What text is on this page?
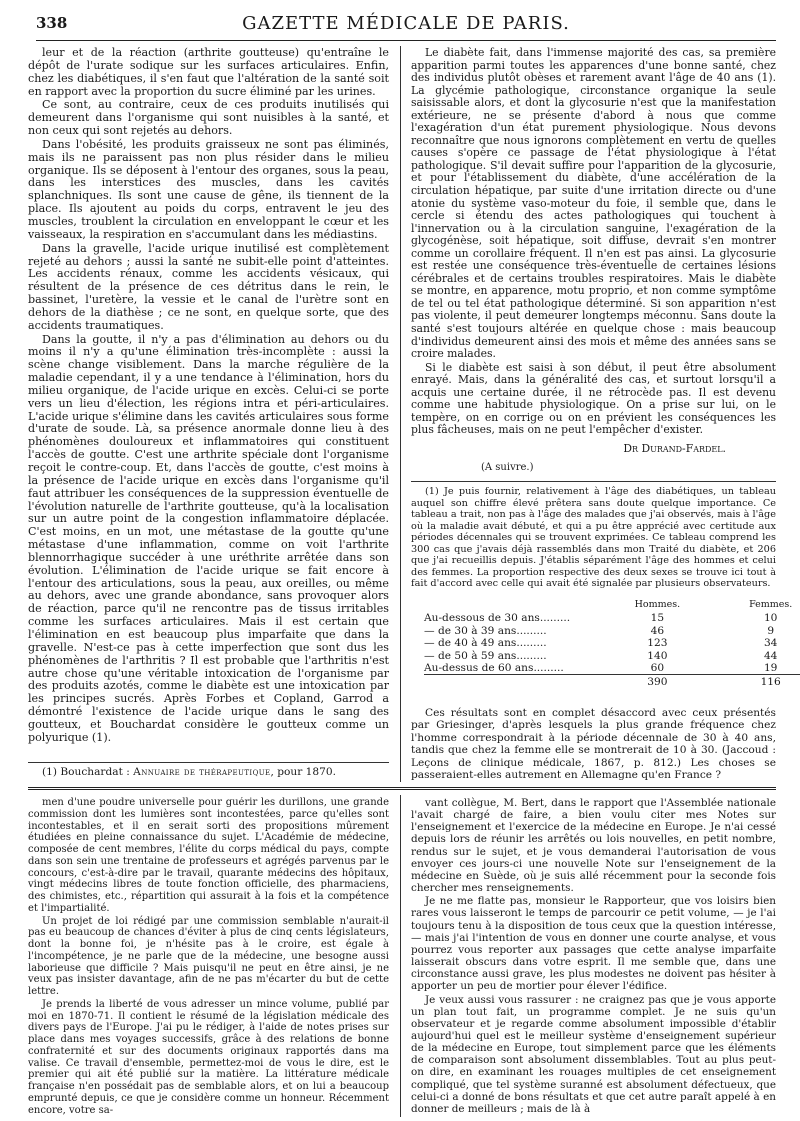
338	GAZETTE MÉDICALE DE PARIS.

leur et de la réaction (arthrite goutteuse) qu'entraîne le dépôt de l'urate sodique sur les surfaces articulaires. Enfin, chez les diabétiques, il s'en faut que l'altération de la santé soit en rapport avec la proportion du sucre éliminé par les urines.

Ce sont, au contraire, ceux de ces produits inutilisés qui demeurent dans l'organisme qui sont nuisibles à la santé, et non ceux qui sont rejetés au dehors.

Dans l'obésité, les produits graisseux ne sont pas éliminés, mais ils ne paraissent pas non plus résider dans le milieu organique. Ils se déposent à l'entour des organes, sous la peau, dans les interstices des muscles, dans les cavités splanchniques. Ils sont une cause de gêne, ils tiennent de la place. Ils ajoutent au poids du corps, entravent le jeu des muscles, troublent la circulation en enveloppant le cœur et les vaisseaux, la respiration en s'accumulant dans les médiastins.

Dans la gravelle, l'acide urique inutilisé est complètement rejeté au dehors ; aussi la santé ne subit-elle point d'atteintes. Les accidents rénaux, comme les accidents vésicaux, qui résultent de la présence de ces détritus dans le rein, le bassinet, l'uretère, la vessie et le canal de l'urètre sont en dehors de la diathèse ; ce ne sont, en quelque sorte, que des accidents traumatiques.

Dans la goutte, il n'y a pas d'élimination au dehors ou du moins il n'y a qu'une élimination très-incomplète : aussi la scène change visiblement. Dans la marche régulière de la maladie cependant, il y a une tendance à l'élimination, hors du milieu organique, de l'acide urique en excès. Celui-ci se porte vers un lieu d'élection, les régions intra et péri-articulaires. L'acide urique s'élimine dans les cavités articulaires sous forme d'urate de soude. Là, sa présence anormale donne lieu à des phénomènes douloureux et inflammatoires qui constituent l'accès de goutte. C'est une arthrite spéciale dont l'organisme reçoit le contre-coup. Et, dans l'accès de goutte, c'est moins à la présence de l'acide urique en excès dans l'organisme qu'il faut attribuer les conséquences de la suppression éventuelle de l'évolution naturelle de l'arthrite goutteuse, qu'à la localisation sur un autre point de la congestion inflammatoire déplacée. C'est moins, en un mot, une métastase de la goutte qu'une métastase d'une inflammation, comme on voit l'arthrite blennorrhagique succéder à une uréthrite arrêtée dans son évolution. L'élimination de l'acide urique se fait encore à l'entour des articulations, sous la peau, aux oreilles, ou même au dehors, avec une grande abondance, sans provoquer alors de réaction, parce qu'il ne rencontre pas de tissus irritables comme les surfaces articulaires. Mais il est certain que l'élimination en est beaucoup plus imparfaite que dans la gravelle. N'est-ce pas à cette imperfection que sont dus les phénomènes de l'arthritis ? Il est probable que l'arthritis n'est autre chose qu'une véritable intoxication de l'organisme par des produits azotés, comme le diabète est une intoxication par les principes sucrés. Après Forbes et Copland, Garrod a démontré l'existence de l'acide urique dans le sang des goutteux, et Bouchardat considère le goutteux comme un polyurique (1).

(1) Bouchardat : Annuaire de thérapeutique, pour 1870.

Le diabète fait, dans l'immense majorité des cas, sa première apparition parmi toutes les apparences d'une bonne santé, chez des individus plutôt obèses et rarement avant l'âge de 40 ans (1). La glycémie pathologique, circonstance organique la seule saisissable alors, et dont la glycosurie n'est que la manifestation extérieure, ne se présente d'abord à nous que comme l'exagération d'un état purement physiologique. Nous devons reconnaître que nous ignorons complètement en vertu de quelles causes s'opère ce passage de l'état physiologique à l'état pathologique. S'il devait suffire pour l'apparition de la glycosurie, et pour l'établissement du diabète, d'une accélération de la circulation hépatique, par suite d'une irritation directe ou d'une atonie du système vaso-moteur du foie, il semble que, dans le cercle si étendu des actes pathologiques qui touchent à l'innervation ou à la circulation sanguine, l'exagération de la glycogénèse, soit hépatique, soit diffuse, devrait s'en montrer comme un corollaire fréquent. Il n'en est pas ainsi. La glycosurie est restée une conséquence très-éventuelle de certaines lésions cérébrales et de certains troubles respiratoires. Mais le diabète se montre, en apparence, motu proprio, et non comme symptôme de tel ou tel état pathologique déterminé. Si son apparition n'est pas violente, il peut demeurer longtemps méconnu. Sans doute la santé s'est toujours altérée en quelque chose : mais beaucoup d'individus demeurent ainsi des mois et même des années sans se croire malades.

Si le diabète est saisi à son début, il peut être absolument enrayé. Mais, dans la généralité des cas, et surtout lorsqu'il a acquis une certaine durée, il ne rétrocède pas. Il est devenu comme une habitude physiologique. On a prise sur lui, on le tempère, on en corrige ou on en prévient les conséquences les plus fâcheuses, mais on ne peut l'empêcher d'exister.

Dr Durand-Fardel.

(A suivre.)

(1) Je puis fournir, relativement à l'âge des diabétiques, un tableau auquel son chiffre élevé prêtera sans doute quelque importance. Ce tableau a trait, non pas à l'âge des malades que j'ai observés, mais à l'âge où la maladie avait débuté, et qui a pu être apprécié avec certitude aux périodes décennales qui se trouvent exprimées. Ce tableau comprend les 300 cas que j'avais déjà rassemblés dans mon Traité du diabète, et 206 que j'ai recueillis depuis. J'établis séparément l'âge des hommes et celui des femmes. La proportion respective des deux sexes se trouve ici tout à fait d'accord avec celle qui avait été signalée par plusieurs observateurs.

	Hommes.		Femmes.
Au-dessous de 30 ans.........	15		10
— de 30 à 39 ans.........	46		9
— de 40 à 49 ans.........	123		34
— de 50 à 59 ans.........	140		44
Au-dessus de 60 ans.........	60		19
	390		116

Ces résultats sont en complet désaccord avec ceux présentés par Griesinger, d'après lesquels la plus grande fréquence chez l'homme correspondrait à la période décennale de 30 à 40 ans, tandis que chez la femme elle se montrerait de 10 à 30. (Jaccoud : Leçons de clinique médicale, 1867, p. 812.) Les choses se passeraient-elles autrement en Allemagne qu'en France ?

men d'une poudre universelle pour guérir les durillons, une grande commission dont les lumières sont incontestées, parce qu'elles sont incontestables, et il en serait sorti des propositions mûrement étudiées en pleine connaissance du sujet. L'Académie de médecine, composée de cent membres, l'élite du corps médical du pays, compte dans son sein une trentaine de professeurs et agrégés parvenus par le concours, c'est-à-dire par le travail, quarante médecins des hôpitaux, vingt médecins libres de toute fonction officielle, des pharmaciens, des chimistes, etc., répartition qui assurait à la fois et la compétence et l'impartialité.

Un projet de loi rédigé par une commission semblable n'aurait-il pas eu beaucoup de chances d'éviter à plus de cinq cents législateurs, dont la bonne foi, je n'hésite pas à le croire, est égale à l'incompétence, je ne parle que de la médecine, une besogne aussi laborieuse que difficile ? Mais puisqu'il ne peut en être ainsi, je ne veux pas insister davantage, afin de ne pas m'écarter du but de cette lettre.

Je prends la liberté de vous adresser un mince volume, publié par moi en 1870-71. Il contient le résumé de la législation médicale des divers pays de l'Europe. J'ai pu le rédiger, à l'aide de notes prises sur place dans mes voyages successifs, grâce à des relations de bonne confraternité et sur des documents originaux rapportés dans ma valise. Ce travail d'ensemble, permettez-moi de vous le dire, est le premier qui ait été publié sur la matière. La littérature médicale française n'en possédait pas de semblable alors, et on lui a beaucoup emprunté depuis, ce que je considère comme un honneur. Récemment encore, votre sa-

vant collègue, M. Bert, dans le rapport que l'Assemblée nationale l'avait chargé de faire, a bien voulu citer mes Notes sur l'enseignement et l'exercice de la médecine en Europe. Je n'ai cessé depuis lors de réunir les arrêtés ou lois nouvelles, en petit nombre, rendus sur le sujet, et je vous demanderai l'autorisation de vous envoyer ces jours-ci une nouvelle Note sur l'enseignement de la médecine en Suède, où je suis allé récemment pour la seconde fois chercher mes renseignements.

Je ne me flatte pas, monsieur le Rapporteur, que vos loisirs bien rares vous laisseront le temps de parcourir ce petit volume, — je l'ai toujours tenu à la disposition de tous ceux que la question intéresse, — mais j'ai l'intention de vous en donner une courte analyse, et vous pourrez vous reporter aux passages que cette analyse imparfaite laisserait obscurs dans votre esprit. Il me semble que, dans une circonstance aussi grave, les plus modestes ne doivent pas hésiter à apporter un peu de mortier pour élever l'édifice.

Je veux aussi vous rassurer : ne craignez pas que je vous apporte un plan tout fait, un programme complet. Je ne suis qu'un observateur et je regarde comme absolument impossible d'établir aujourd'hui quel est le meilleur système d'enseignement supérieur de la médecine en Europe, tout simplement parce que les éléments de comparaison sont absolument dissemblables. Tout au plus peut-on dire, en examinant les rouages multiples de cet enseignement compliqué, que tel système suranné est absolument défectueux, que celui-ci a donné de bons résultats et que cet autre paraît appelé à en donner de meilleurs ; mais de là à
